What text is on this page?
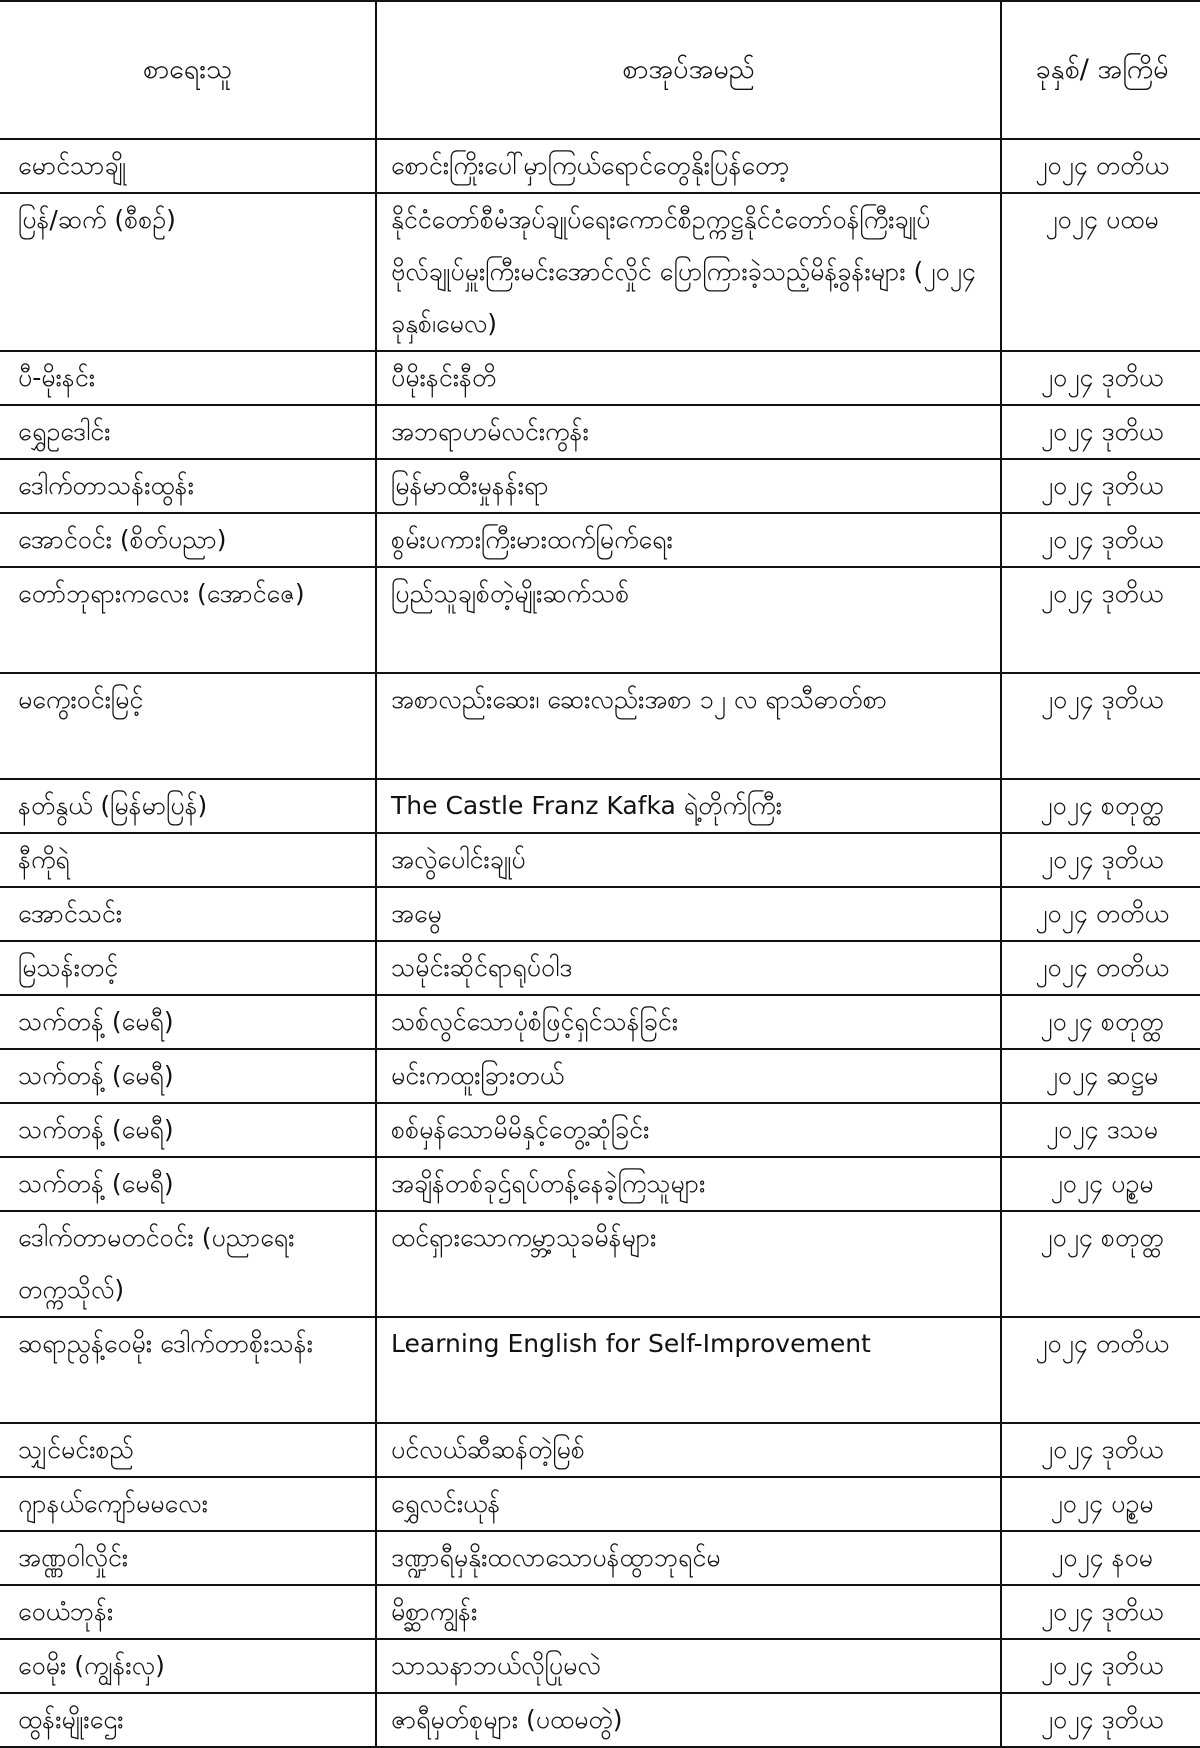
စာရေးသူ	စာအုပ်အမည်	ခုနှစ်/ အကြိမ်
မောင်သာချို	စောင်းကြိုးပေါ်မှာကြယ်ရောင်တွေနိုးပြန်တော့	၂၀၂၄ တတိယ
ပြန်/ဆက် (စီစဉ်)	နိုင်ငံတော်စီမံအုပ်ချုပ်ရေးကောင်စီဥက္ကဋ္ဌနိုင်ငံတော်ဝန်ကြီးချုပ်ဗိုလ်ချုပ်မှူးကြီးမင်းအောင်လှိုင် ပြောကြားခဲ့သည့်မိန့်ခွန်းများ (၂၀၂၄ ခုနှစ်၊မေလ)	၂၀၂၄ ပထမ
ပီ-မိုးနင်း	ပီမိုးနင်းနီတိ	၂၀၂၄ ဒုတိယ
ရွှေဥဒေါင်း	အဘရာဟမ်လင်းကွန်း	၂၀၂၄ ဒုတိယ
ဒေါက်တာသန်းထွန်း	မြန်မာထီးမှုနန်းရာ	၂၀၂၄ ဒုတိယ
အောင်ဝင်း (စိတ်ပညာ)	စွမ်းပကားကြီးမားထက်မြက်ရေး	၂၀၂၄ ဒုတိယ
တော်ဘုရားကလေး (အောင်ဇေ)	ပြည်သူချစ်တဲ့မျိုးဆက်သစ်	၂၀၂၄ ဒုတိယ
မကွေးဝင်းမြင့်	အစာလည်းဆေး၊ ဆေးလည်းအစာ ၁၂ လ ရာသီဓာတ်စာ	၂၀၂၄ ဒုတိယ
နတ်နွယ် (မြန်မာပြန်)	The Castle Franz Kafka ရဲ့တိုက်ကြီး	၂၀၂၄ စတုတ္ထ
နီကိုရဲ	အလွဲပေါင်းချုပ်	၂၀၂၄ ဒုတိယ
အောင်သင်း	အမွေ	၂၀၂၄ တတိယ
မြသန်းတင့်	သမိုင်းဆိုင်ရာရုပ်ဝါဒ	၂၀၂၄ တတိယ
သက်တန့် (မေရီ)	သစ်လွင်သောပုံစံဖြင့်ရှင်သန်ခြင်း	၂၀၂၄ စတုတ္ထ
သက်တန့် (မေရီ)	မင်းကထူးခြားတယ်	၂၀၂၄ ဆဋ္ဌမ
သက်တန့် (မေရီ)	စစ်မှန်သောမိမိနှင့်တွေ့ဆုံခြင်း	၂၀၂၄ ဒသမ
သက်တန့် (မေရီ)	အချိန်တစ်ခုဌ်ရပ်တန့်နေခဲ့ကြသူများ	၂၀၂၄ ပဉ္စမ
ဒေါက်တာမတင်ဝင်း (ပညာရေးတက္ကသိုလ်)	ထင်ရှားသောကမ္ဘာ့သုခမိန်များ	၂၀၂၄ စတုတ္ထ
ဆရာညွန့်ဝေမိုး ဒေါက်တာစိုးသန်း	Learning English for Self-Improvement	၂၀၂၄ တတိယ
သျှင်မင်းစည်	ပင်လယ်ဆီဆန်တဲ့မြစ်	၂၀၂၄ ဒုတိယ
ဂျာနယ်ကျော်မမလေး	ရွှေလင်းယုန်	၂၀၂၄ ပဉ္စမ
အဏ္ဏဝါလှိုင်း	ဒဏ္ဍာရီမှနိုးထလာသောပန်ထွာဘုရင်မ	၂၀၂၄ နဝမ
ဝေယံဘုန်း	မိစ္ဆာကျွန်း	၂၀၂၄ ဒုတိယ
ဝေမိုး (ကျွန်းလှ)	သာသနာဘယ်လိုပြုမလဲ	၂၀၂၄ ဒုတိယ
ထွန်းမျိုးဌေး	ဇာရီမှတ်စုများ (ပထမတွဲ)	၂၀၂၄ ဒုတိယ
